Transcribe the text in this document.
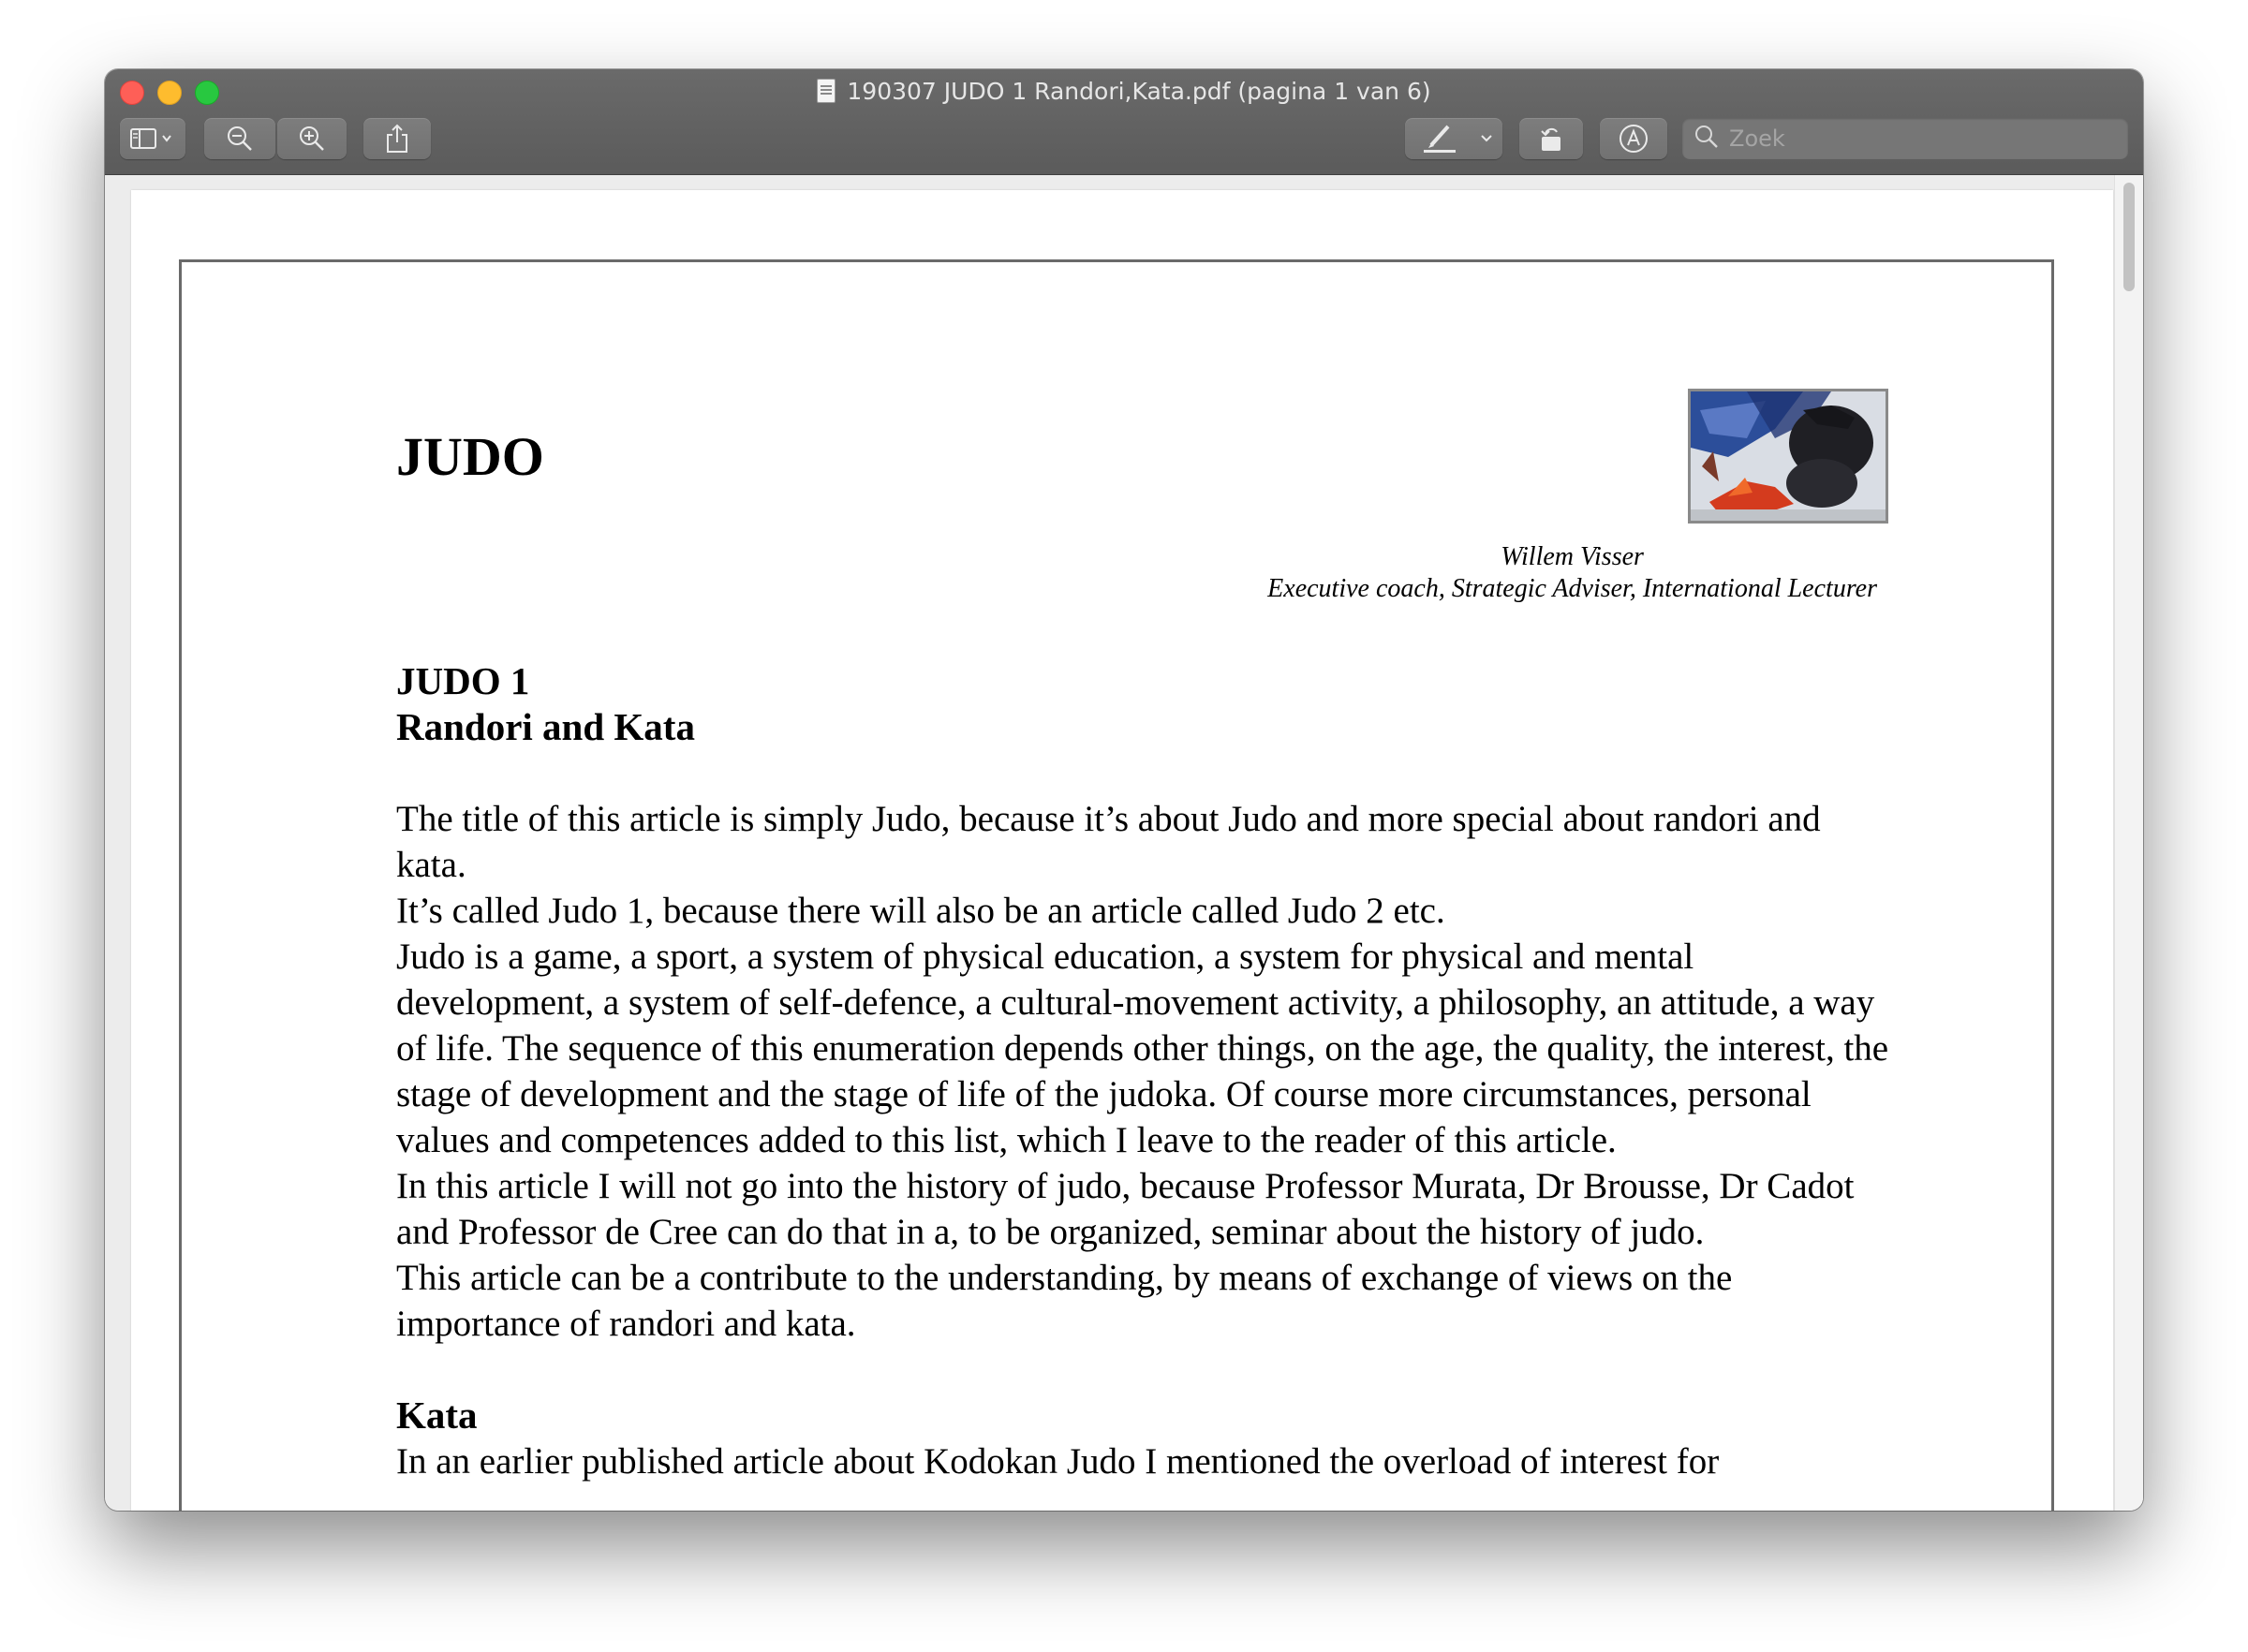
190307 JUDO 1 Randori,Kata.pdf (pagina 1 van 6)
Zoek
JUDO
Willem Visser
Executive coach, Strategic Adviser, International Lecturer
JUDO 1
Randori and Kata

The title of this article is simply Judo, because it’s about Judo and more special about randori and kata.

It’s called Judo 1, because there will also be an article called Judo 2 etc.

Judo is a game, a sport, a system of physical education, a system for physical and mental development, a system of self-defence, a cultural-movement activity, a philosophy, an attitude, a way of life. The sequence of this enumeration depends other things, on the age, the quality, the interest, the stage of development and the stage of life of the judoka. Of course more circumstances, personal values and competences added to this list, which I leave to the reader of this article.

In this article I will not go into the history of judo, because Professor Murata, Dr Brousse, Dr Cadot and Professor de Cree can do that in a, to be organized, seminar about the history of judo.

This article can be a contribute to the understanding, by means of exchange of views on the importance of randori and kata.

Kata

In an earlier published article about Kodokan Judo I mentioned the overload of interest for
